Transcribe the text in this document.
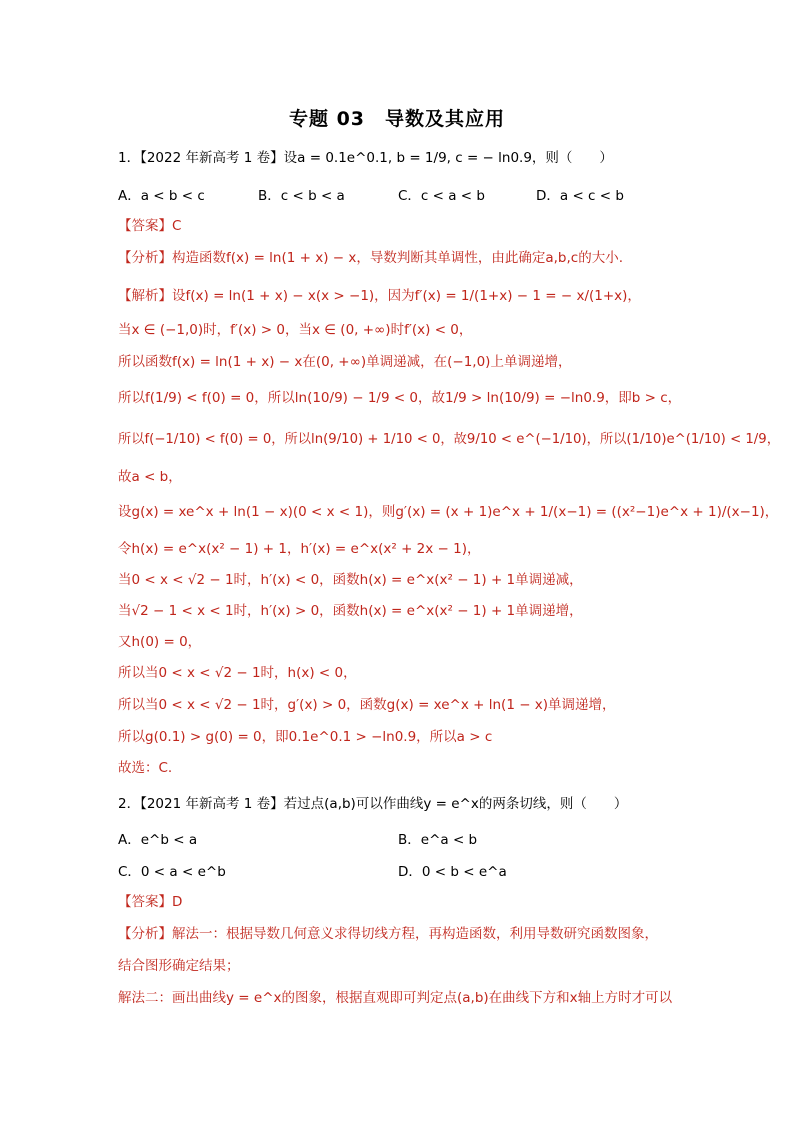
专题 03　导数及其应用
1．【2022 年新高考 1 卷】设a = 0.1e^0.1, b = 1/9, c = − ln0.9，则（　　）
A．a < b < c	B．c < b < a	C．c < a < b	D．a < c < b
【答案】C
【分析】构造函数f(x) = ln(1 + x) − x，导数判断其单调性，由此确定a,b,c的大小.
【解析】设f(x) = ln(1 + x) − x(x > −1)，因为f′(x) = 1/(1+x) − 1 = − x/(1+x)，
当x ∈ (−1,0)时，f′(x) > 0，当x ∈ (0, +∞)时f′(x) < 0，
所以函数f(x) = ln(1 + x) − x在(0, +∞)单调递减，在(−1,0)上单调递增，
所以f(1/9) < f(0) = 0，所以ln(10/9) − 1/9 < 0，故1/9 > ln(10/9) = −ln0.9，即b > c，
所以f(−1/10) < f(0) = 0，所以ln(9/10) + 1/10 < 0，故9/10 < e^(−1/10)，所以(1/10)e^(1/10) < 1/9，
故a < b，
设g(x) = xe^x + ln(1 − x)(0 < x < 1)，则g′(x) = (x + 1)e^x + 1/(x−1) = ((x²−1)e^x + 1)/(x−1)，
令h(x) = e^x(x² − 1) + 1，h′(x) = e^x(x² + 2x − 1)，
当0 < x < √2 − 1时，h′(x) < 0，函数h(x) = e^x(x² − 1) + 1单调递减，
当√2 − 1 < x < 1时，h′(x) > 0，函数h(x) = e^x(x² − 1) + 1单调递增，
又h(0) = 0，
所以当0 < x < √2 − 1时，h(x) < 0，
所以当0 < x < √2 − 1时，g′(x) > 0，函数g(x) = xe^x + ln(1 − x)单调递增，
所以g(0.1) > g(0) = 0，即0.1e^0.1 > −ln0.9，所以a > c
故选：C.
2．【2021 年新高考 1 卷】若过点(a,b)可以作曲线y = e^x的两条切线，则（　　）
A．e^b < a	B．e^a < b
C．0 < a < e^b	D．0 < b < e^a
【答案】D
【分析】解法一：根据导数几何意义求得切线方程，再构造函数，利用导数研究函数图象，
结合图形确定结果；
解法二：画出曲线y = e^x的图象，根据直观即可判定点(a,b)在曲线下方和x轴上方时才可以
